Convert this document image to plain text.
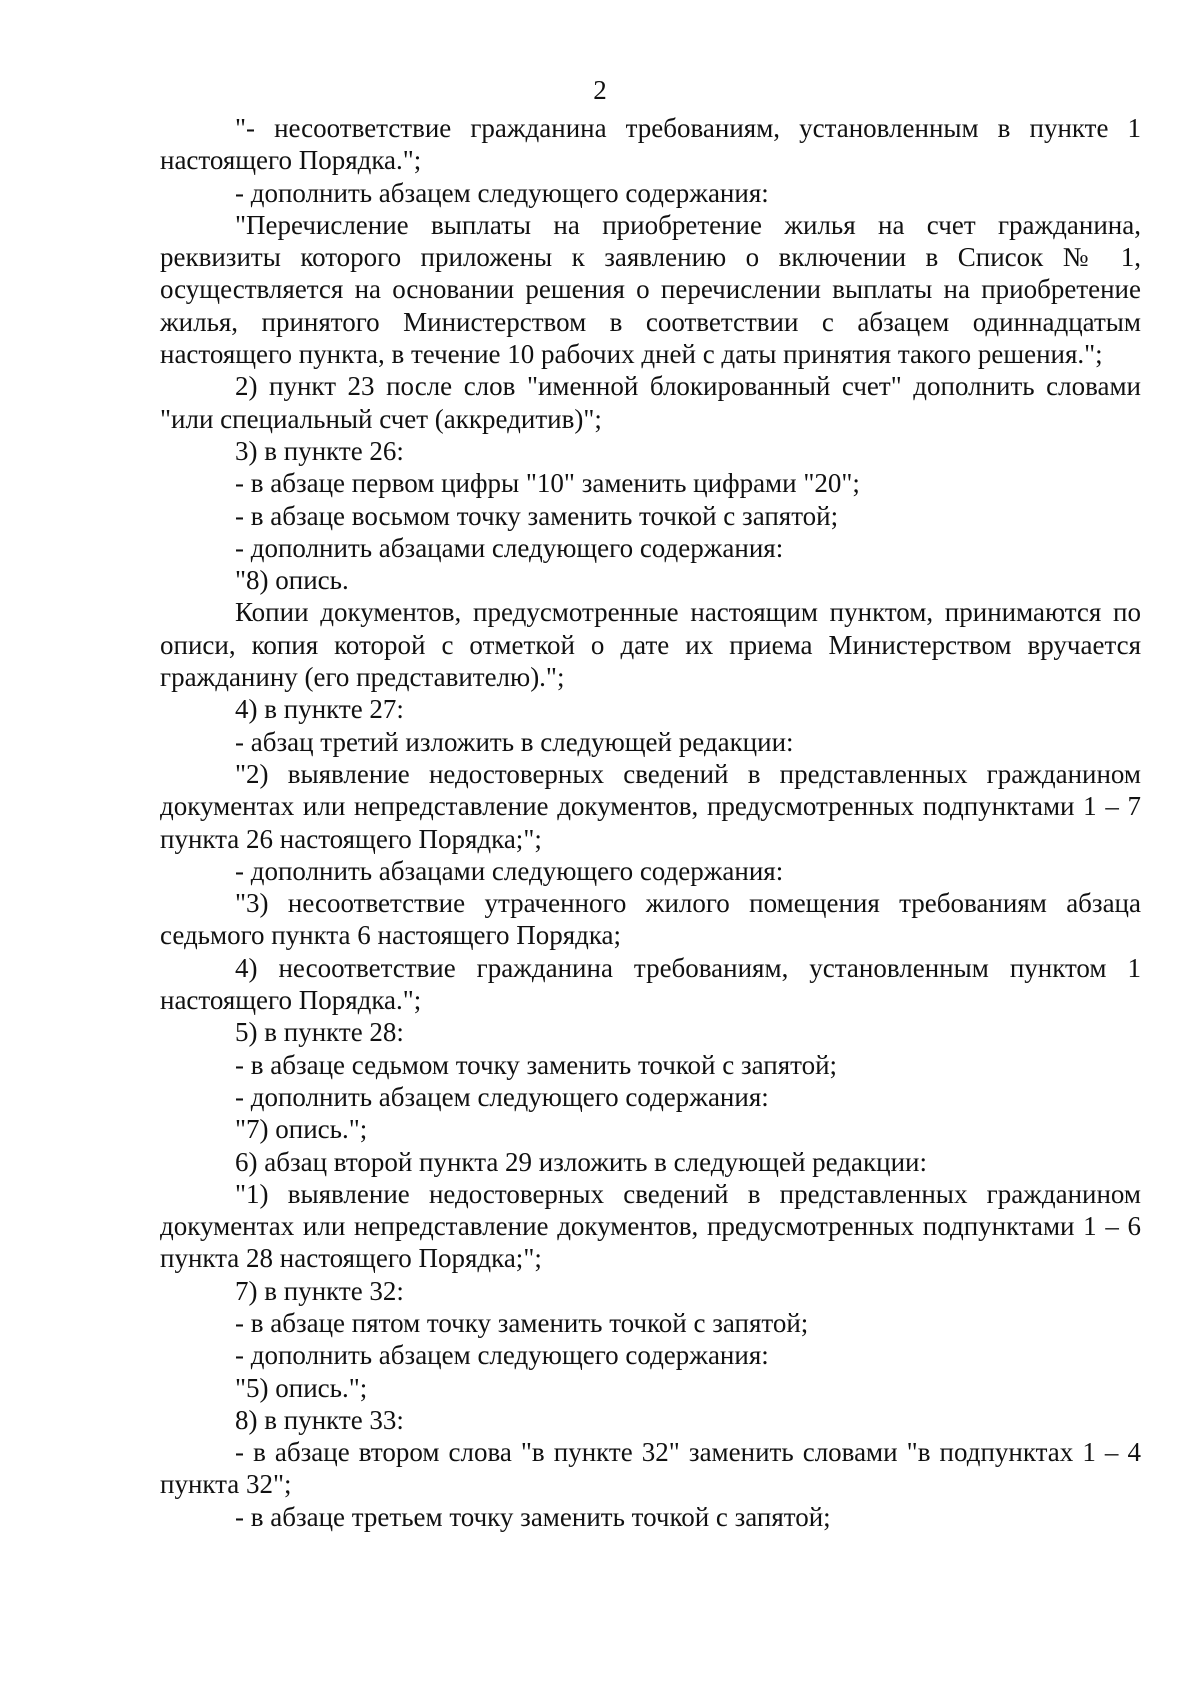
2

"- несоответствие гражданина требованиям, установленным в пункте 1 настоящего Порядка.";

- дополнить абзацем следующего содержания:

"Перечисление выплаты на приобретение жилья на счет гражданина, реквизиты которого приложены к заявлению о включении в Список № 1, осуществляется на основании решения о перечислении выплаты на приобретение жилья, принятого Министерством в соответствии с абзацем одиннадцатым настоящего пункта, в течение 10 рабочих дней с даты принятия такого решения.";

2) пункт 23 после слов "именной блокированный счет" дополнить словами "или специальный счет (аккредитив)";

3) в пункте 26:

- в абзаце первом цифры "10" заменить цифрами "20";

- в абзаце восьмом точку заменить точкой с запятой;

- дополнить абзацами следующего содержания:

"8) опись.

Копии документов, предусмотренные настоящим пунктом, принимаются по описи, копия которой с отметкой о дате их приема Министерством вручается гражданину (его представителю).";

4) в пункте 27:

- абзац третий изложить в следующей редакции:

"2) выявление недостоверных сведений в представленных гражданином документах или непредставление документов, предусмотренных подпунктами 1 – 7 пункта 26 настоящего Порядка;";

- дополнить абзацами следующего содержания:

"3) несоответствие утраченного жилого помещения требованиям абзаца седьмого пункта 6 настоящего Порядка;

4) несоответствие гражданина требованиям, установленным пунктом 1 настоящего Порядка.";

5) в пункте 28:

- в абзаце седьмом точку заменить точкой с запятой;

- дополнить абзацем следующего содержания:

"7) опись.";

6) абзац второй пункта 29 изложить в следующей редакции:

"1) выявление недостоверных сведений в представленных гражданином документах или непредставление документов, предусмотренных подпунктами 1 – 6 пункта 28 настоящего Порядка;";

7) в пункте 32:

- в абзаце пятом точку заменить точкой с запятой;

- дополнить абзацем следующего содержания:

"5) опись.";

8) в пункте 33:

- в абзаце втором слова "в пункте 32" заменить словами "в подпунктах 1 – 4 пункта 32";

- в абзаце третьем точку заменить точкой с запятой;
